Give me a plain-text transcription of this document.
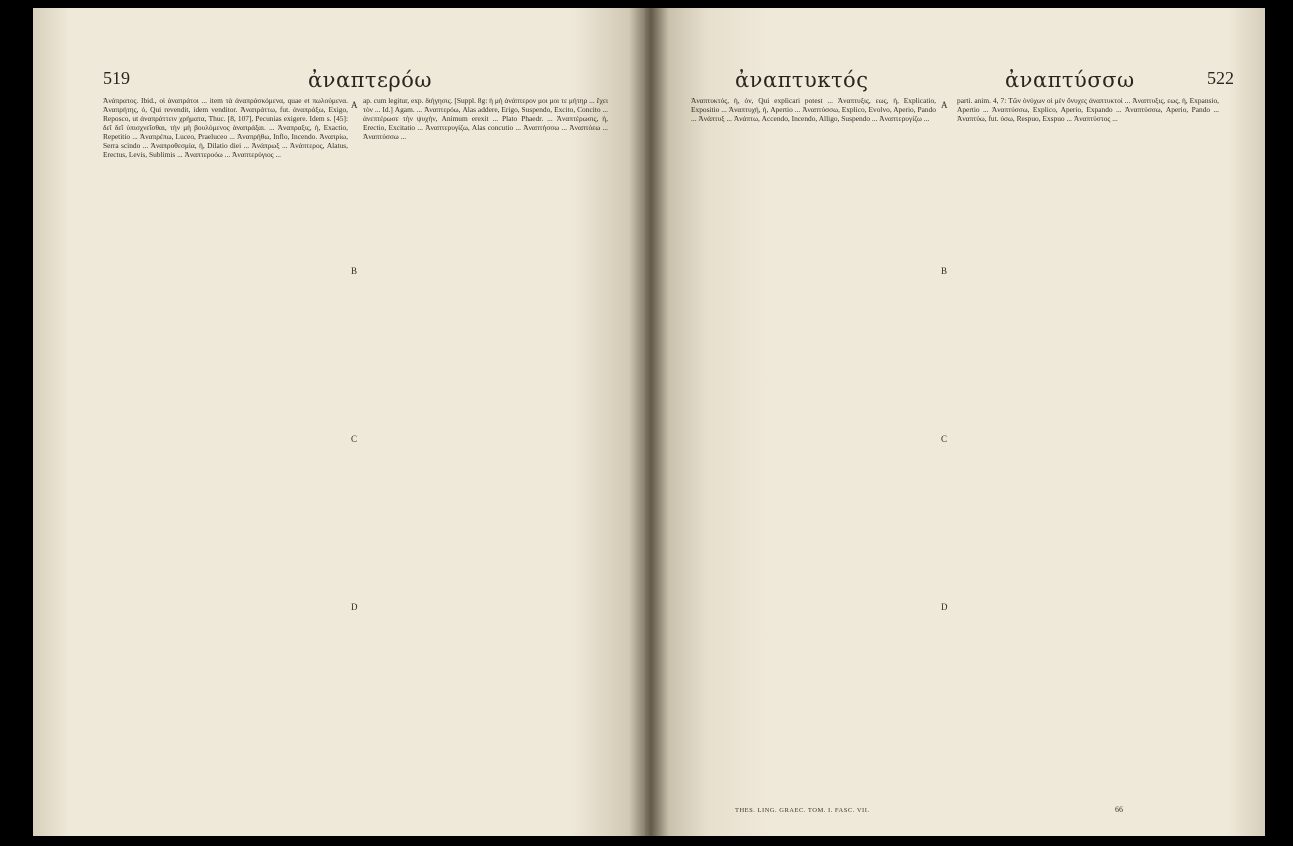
519	ἀναπτερόω

Ἀνάπρατος. Ibid., οἱ ἀναπράτοι ... item τὰ ἀναπράσκόμενα, quae et πωλούμενα. Ἀναπρήτης, ὁ, Qui revendit, idem venditor. Ἀναπράττω, fut. ἀναπράξω, Exigo, Reposco, ut ἀναπράττειν χρήματα, Thuc. [8, 107], Pecunias exigere. Idem s. [45]: δεῖ δεῖ ὑπισχνεῖσθαι, τὴν μὴ βουλόμενος ἀναπράξαι. ... Ἀναπραξις, ἡ, Exactio, Repetitio ... Ἀναπρέπω, Luceo, Praeluceo ... Ἀναπρήθω, Inflo, Incendo. Ἀναπρίω, Serra scindo ... Ἀναπροθεσμία, ἡ, Dilatio diei ... Ἀνάπρωξ ... Ἀνάπτερος, Alatus, Erectus, Levis, Sublimis ... Ἀναπτεροόω ... Ἀναπτερύγιος ...

A
B
C
D

ap. cum legitur, exp. διήγησις. [Suppl. 8g: ἡ μὴ ἀνάπτερον μοι μοι τε μήτηρ ... ἔχει τὸν ... Id.] Agam. ... Ἀναπτερόω, Alas addere, Erigo, Suspendo, Excito, Concito ... ἀνεπτέρωσε τὴν ψυχὴν, Animum erexit ... Plato Phaedr. ... Ἀναπτέρωσις, ἡ, Erectio, Excitatio ... Ἀναπτερυγίζω, Alas concutio ... Ἀναπτήσσω ... Ἀναπτόεω ... Ἀναπτύσσω ...

522
ἀναπτυκτός	ἀναπτύσσω

Ἀναπτυκτός, ἡ, όν, Qui explicari potest ... Ἀναπτυξις, εως, ἡ, Explicatio, Expositio ... Ἀναπτυχή, ἡ, Apertio ... Ἀναπτύσσω, Explico, Evolvo, Aperio, Pando ... Ἀνάπτυξ ... Ἀνάπτω, Accendo, Incendo, Alligo, Suspendo ... Ἀναπτερυγίζω ...

A
B
C
D

parti. anim. 4, 7: Τῶν ὀνύχων οἱ μὲν ὄνυχες ἀναπτυκτοί ... Ἀναπτυξις, εως, ἡ, Expansio, Apertio ... Ἀναπτύσσω, Explico, Aperio, Expando ... Ἀναπτύσσω, Aperio, Pando ... Ἀναπτύω, fut. ύσω, Respuo, Exspuo ... Ἀναπτύστος ...

THES. LING. GRAEC. TOM. I. FASC. VII.	66
